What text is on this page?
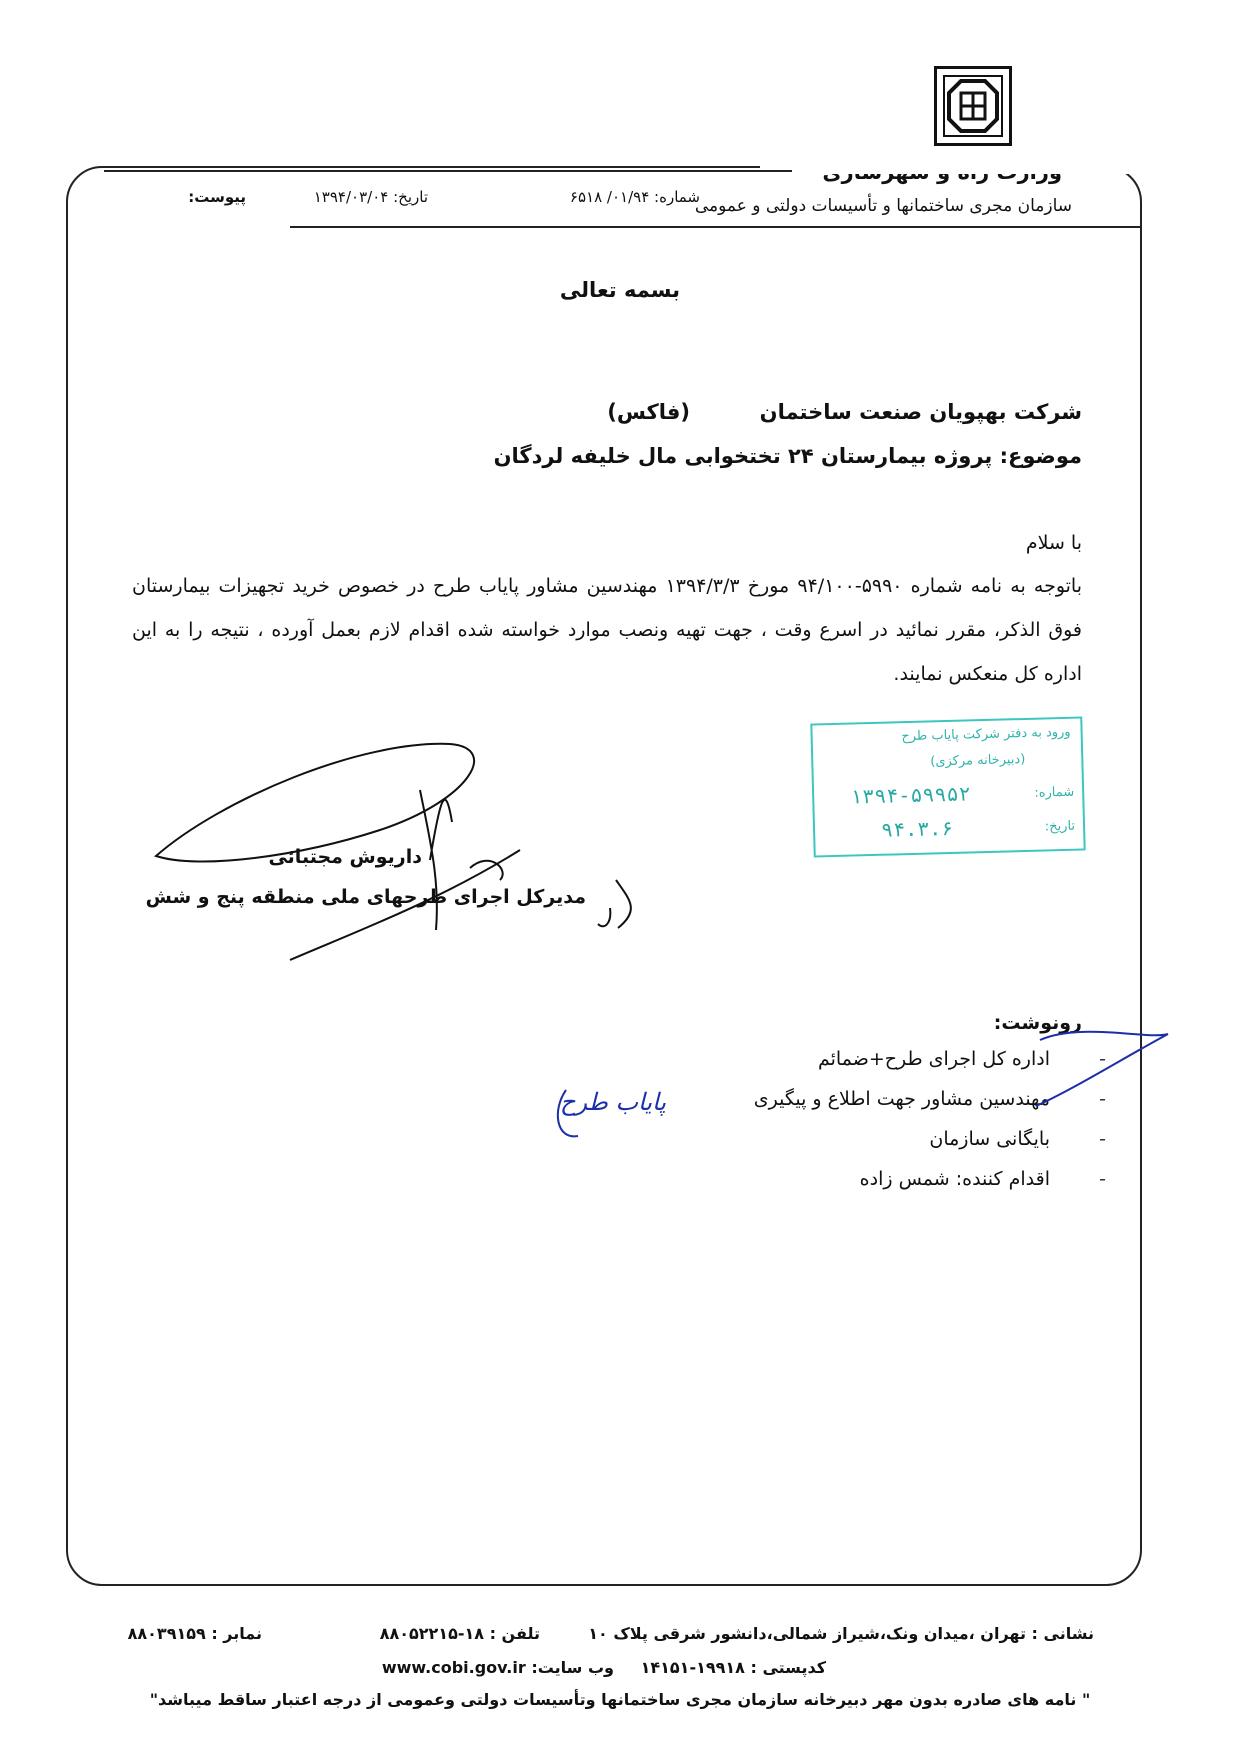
سازمان مجری ساختمانها و تأسیسات دولتی و عمومی
شماره: ۰۱/۹۴/ ۶۵۱۸
تاریخ: ۱۳۹۴/۰۳/۰۴
پیوست:
بسمه تعالی
شرکت بهپویان صنعت ساختمان
(فاکس)
موضوع: پروژه بیمارستان ۲۴ تختخوابی مال خلیفه لردگان
با سلام
باتوجه به نامه شماره ۵۹۹۰-۹۴/۱۰۰ مورخ ۱۳۹۴/۳/۳ مهندسین مشاور پایاب طرح در خصوص خرید تجهیزات بیمارستان فوق الذکر، مقرر نمائید در اسرع وقت ، جهت تهیه ونصب موارد خواسته شده اقدام لازم بعمل آورده ، نتیجه را به این اداره کل منعکس نمایند.
داریوش مجتبائی
مدیرکل اجرای طرحهای ملی منطقه پنج و شش
ورود به دفتر شرکت پایاب طرح
(دبیرخانه مرکزی)
شماره:
۱۳۹۴-۵۹۹۵۲
تاریخ:
۹۴.۳.۶
رونوشت:
-
اداره کل اجرای طرح+ضمائم
-
مهندسین مشاور جهت اطلاع و پیگیری
-
بایگانی سازمان
-
اقدام کننده: شمس زاده
پایاب طرح
نشانی : تهران ،میدان ونک،شیراز شمالی،دانشور شرقی پلاک ۱۰
کدپستی : ۱۹۹۱۸-۱۴۱۵۱
تلفن : ۱۸-۸۸۰۵۲۲۱۵
وب سایت: www.cobi.gov.ir
نمابر : ۸۸۰۳۹۱۵۹
" نامه های صادره بدون مهر دبیرخانه سازمان مجری ساختمانها وتأسیسات دولتی وعمومی از درجه اعتبار ساقط میباشد"
